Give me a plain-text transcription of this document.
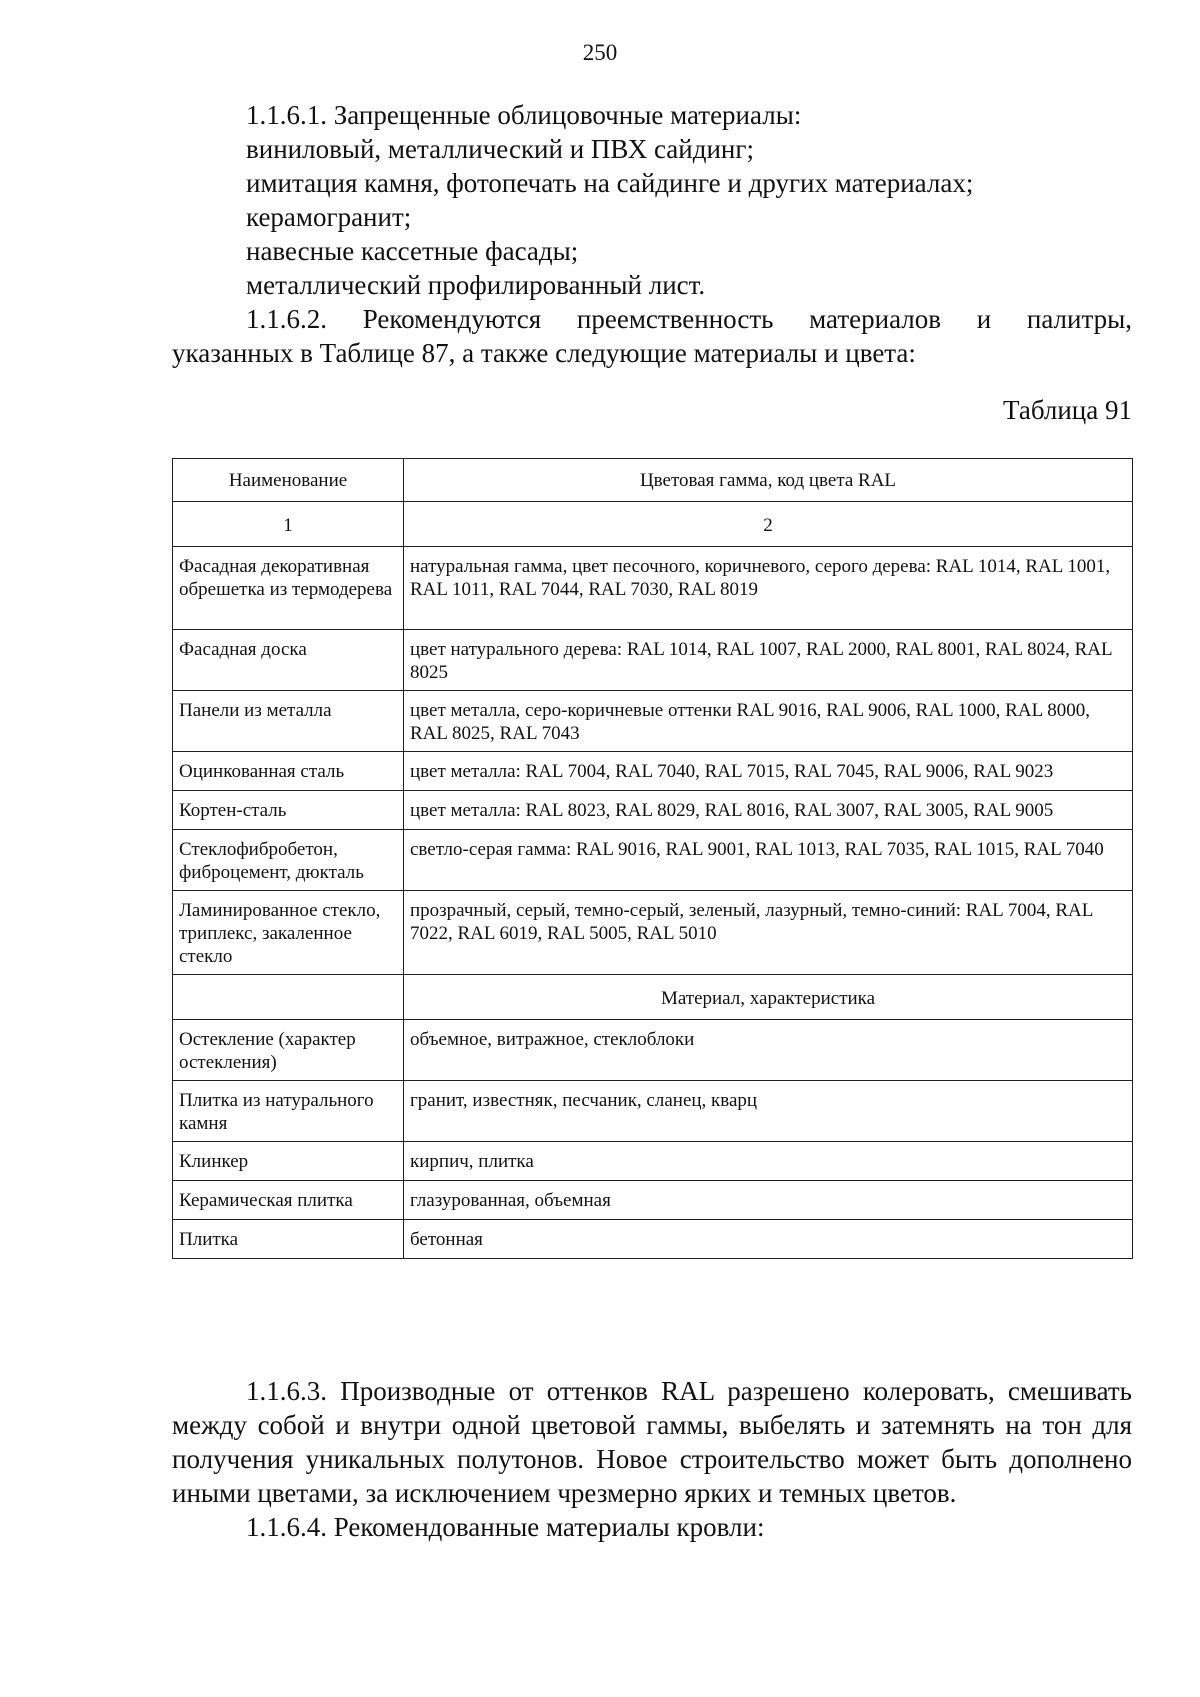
250
1.1.6.1. Запрещенные облицовочные материалы:
виниловый, металлический и ПВХ сайдинг;
имитация камня, фотопечать на сайдинге и других материалах;
керамогранит;
навесные кассетные фасады;
металлический профилированный лист.
1.1.6.2. Рекомендуются преемственность материалов и палитры,
указанных в Таблице 87, а также следующие материалы и цвета:
Таблица 91
Наименование	Цветовая гамма, код цвета RAL
1	2
Фасадная декоративная обрешетка из термодерева	натуральная гамма, цвет песочного, коричневого, серого дерева: RAL 1014, RAL 1001, RAL 1011, RAL 7044, RAL 7030, RAL 8019
Фасадная доска	цвет натурального дерева: RAL 1014, RAL 1007, RAL 2000, RAL 8001, RAL 8024, RAL 8025
Панели из металла	цвет металла, серо-коричневые оттенки RAL 9016, RAL 9006, RAL 1000, RAL 8000, RAL 8025, RAL 7043
Оцинкованная сталь	цвет металла: RAL 7004, RAL 7040, RAL 7015, RAL 7045, RAL 9006, RAL 9023
Кортен-сталь	цвет металла: RAL 8023, RAL 8029, RAL 8016, RAL 3007, RAL 3005, RAL 9005
Стеклофибробетон, фиброцемент, дюкталь	светло-серая гамма: RAL 9016, RAL 9001, RAL 1013, RAL 7035, RAL 1015, RAL 7040
Ламинированное стекло, триплекс, закаленное стекло	прозрачный, серый, темно-серый, зеленый, лазурный, темно-синий: RAL 7004, RAL 7022, RAL 6019, RAL 5005, RAL 5010
	Материал, характеристика
Остекление (характер остекления)	объемное, витражное, стеклоблоки
Плитка из натурального камня	гранит, известняк, песчаник, сланец, кварц
Клинкер	кирпич, плитка
Керамическая плитка	глазурованная, объемная
Плитка	бетонная
1.1.6.3. Производные от оттенков RAL разрешено колеровать, смешивать между собой и внутри одной цветовой гаммы, выбелять и затемнять на тон для получения уникальных полутонов. Новое строительство может быть дополнено иными цветами, за исключением чрезмерно ярких и темных цветов.
1.1.6.4. Рекомендованные материалы кровли:
